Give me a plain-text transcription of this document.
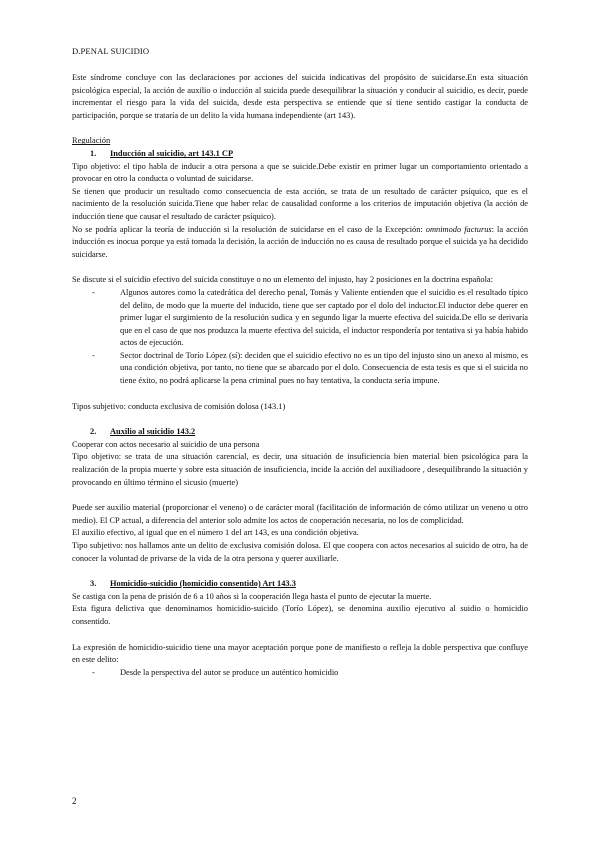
D.PENAL SUICIDIO

Este síndrome concluye con las declaraciones por acciones del suicida indicativas del propósito de suicidarse.En esta situación psicológica especial, la acción de auxilio o inducción al suicida puede desequilibrar la situación y conducir al suicidio, es decir, puede incrementar el riesgo para la vida del suicida, desde esta perspectiva se entiende que sí tiene sentido castigar la conducta de participación, porque se trataría de un delito la vida humana independiente (art 143).

Regulación

1.	Inducción al suicidio, art 143.1 CP

Tipo objetivo: el tipo habla de inducir a otra persona a que se suicide.Debe existir en primer lugar un comportamiento orientado a provocar en otro la conducta o voluntad de suicidarse.

Se tienen que producir un resultado como consecuencia de esta acción, se trata de un resultado de carácter psíquico, que es el nacimiento de la resolución suicida.Tiene que haber relac de causalidad conforme a los criterios de imputación objetiva (la acción de inducción tiene que causar el resultado de carácter psíquico).

No se podría aplicar la teoría de inducción si la resolución de suicidarse en el caso de la Excepción: omnimodo facturus: la acción inducción es inocua porque ya está tomada la decisión, la acción de inducción no es causa de resultado porque el suicida ya ha decidido suicidarse.

Se discute si el suicidio efectivo del suicida constituye o no un elemento del injusto, hay 2 posiciones en la doctrina española:

-	Algunos autores como la catedrática del derecho penal, Tomás y Valiente entienden que el suicidio es el resultado típico del delito, de modo que la muerte del inducido, tiene que ser captado por el dolo del inductor.El inductor debe querer en primer lugar el surgimiento de la resolución sudica y en segundo ligar la muerte efectiva del suicida.De ello se derivaría que en el caso de que nos produzca la muerte efectiva del suicida, el inductor respondería por tentativa si ya había habido actos de ejecución.
-	Sector doctrinal de Torío López (sí): deciden que el suicidio efectivo no es un tipo del injusto sino un anexo al mismo, es una condición objetiva, por tanto, no tiene que se abarcado por el dolo. Consecuencia de esta tesis es que si el suicida no tiene éxito, no podrá aplicarse la pena criminal pues no hay tentativa, la conducta sería impune.

Tipos subjetivo: conducta exclusiva de comisión dolosa (143.1)

2.	Auxilio al suicidio 143.2

Cooperar con actos necesario al suicidio de una persona

Tipo objetivo: se trata de una situación carencial, es decir, una situación de insuficiencia bien material bien psicológica para la realización de la propia muerte y sobre esta situación de insuficiencia, incide la acción del auxiliadoore , desequilibrando la situación y provocando en último término el sicusio (muerte)

Puede ser auxilio material (proporcionar el veneno) o de carácter moral (facilitación de información de cómo utilizar un veneno u otro medio). El CP actual, a diferencia del anterior solo admite los actos de cooperación necesaria, no los de complicidad.

El auxilio efectivo, al igual que en el número 1 del art 143, es una condición objetiva.

Tipo subjetivo: nos hallamos ante un delito de exclusiva comisión dolosa. El que coopera con actos necesarios al suicido de otro, ha de conocer la voluntad de privarse de la vida de la otra persona y querer auxiliarle.

3.	Homicidio-suicidio (homicidio consentido) Art 143.3

Se castiga con la pena de prisión de 6 a 10 años si la cooperación llega hasta el punto de ejecutar la muerte.

Esta figura delictiva que denominamos homicidio-suicido (Torío López), se denomina auxilio ejecutivo al suidio o homicidio consentido.

La expresión de homicidio-suicidio tiene una mayor aceptación porque pone de manifiesto o refleja la doble perspectiva que confluye en este delito:

-	Desde la perspectiva del autor se produce un auténtico homicidio
2
